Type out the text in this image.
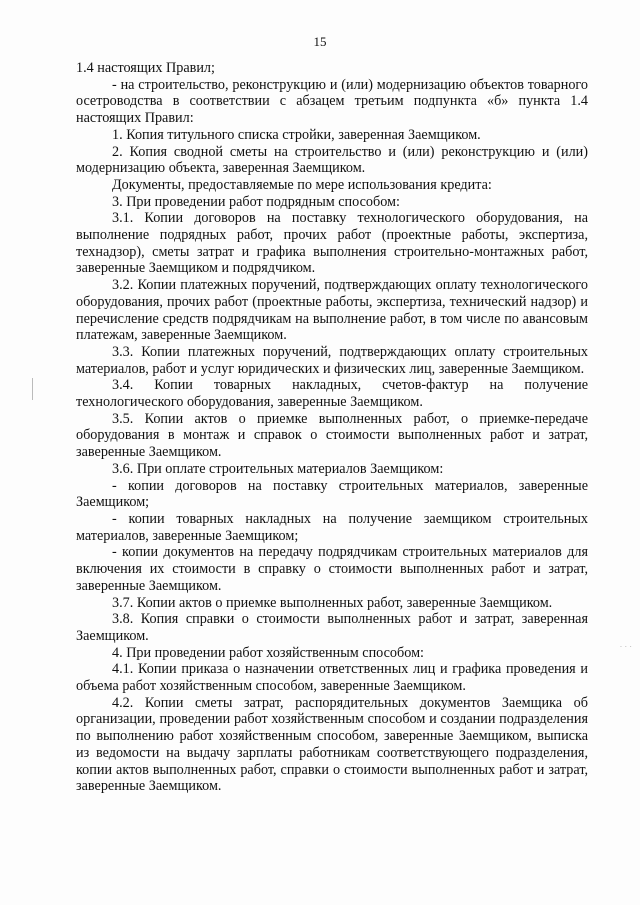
15

1.4 настоящих Правил;

- на строительство, реконструкцию и (или) модернизацию объектов товарного осетроводства в соответствии с абзацем третьим подпункта «б» пункта 1.4 настоящих Правил:

1. Копия титульного списка стройки, заверенная Заемщиком.

2. Копия сводной сметы на строительство и (или) реконструкцию и (или) модернизацию объекта, заверенная Заемщиком.

Документы, предоставляемые по мере использования кредита:

3. При проведении работ подрядным способом:

3.1. Копии договоров на поставку технологического оборудования, на выполнение подрядных работ, прочих работ (проектные работы, экспертиза, технадзор), сметы затрат и графика выполнения строительно-монтажных работ, заверенные Заемщиком и подрядчиком.

3.2. Копии платежных поручений, подтверждающих оплату технологического оборудования, прочих работ (проектные работы, экспертиза, технический надзор) и перечисление средств подрядчикам на выполнение работ, в том числе по авансовым платежам, заверенные Заемщиком.

3.3. Копии платежных поручений, подтверждающих оплату строительных материалов, работ и услуг юридических и физических лиц, заверенные Заемщиком.

3.4. Копии товарных накладных, счетов-фактур на получение технологического оборудования, заверенные Заемщиком.

3.5. Копии актов о приемке выполненных работ, о приемке-передаче оборудования в монтаж и справок о стоимости выполненных работ и затрат, заверенные Заемщиком.

3.6. При оплате строительных материалов Заемщиком:

- копии договоров на поставку строительных материалов, заверенные Заемщиком;

- копии товарных накладных на получение заемщиком строительных материалов, заверенные Заемщиком;

- копии документов на передачу подрядчикам строительных материалов для включения их стоимости в справку о стоимости выполненных работ и затрат, заверенные Заемщиком.

3.7. Копии актов о приемке выполненных работ, заверенные Заемщиком.

3.8. Копия справки о стоимости выполненных работ и затрат, заверенная Заемщиком.

4. При проведении работ хозяйственным способом:

4.1. Копии приказа о назначении ответственных лиц и графика проведения и объема работ хозяйственным способом, заверенные Заемщиком.

4.2. Копии сметы затрат, распорядительных документов Заемщика об организации, проведении работ хозяйственным способом и создании подразделения по выполнению работ хозяйственным способом, заверенные Заемщиком, выписка из ведомости на выдачу зарплаты работникам соответствующего подразделения, копии актов выполненных работ, справки о стоимости выполненных работ и затрат, заверенные Заемщиком.

· · ·
